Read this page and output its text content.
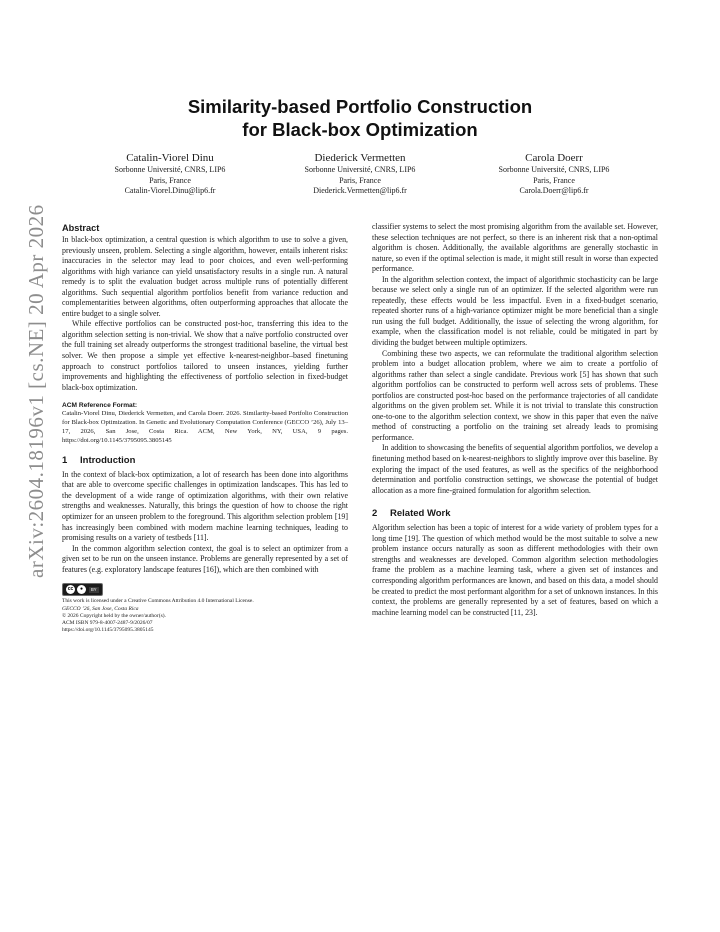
arXiv:2604.18196v1 [cs.NE] 20 Apr 2026
Similarity-based Portfolio Construction
for Black-box Optimization
Catalin-Viorel Dinu
Sorbonne Université, CNRS, LIP6
Paris, France
Catalin-Viorel.Dinu@lip6.fr
Diederick Vermetten
Sorbonne Université, CNRS, LIP6
Paris, France
Diederick.Vermetten@lip6.fr
Carola Doerr
Sorbonne Université, CNRS, LIP6
Paris, France
Carola.Doerr@lip6.fr
Abstract

In black-box optimization, a central question is which algorithm to use to solve a given, previously unseen, problem. Selecting a single algorithm, however, entails inherent risks: inaccuracies in the selector may lead to poor choices, and even well-performing algorithms with high variance can yield unsatisfactory results in a single run. A natural remedy is to split the evaluation budget across multiple runs of potentially different algorithms. Such sequential algorithm portfolios benefit from variance reduction and complementarities between algorithms, often outperforming approaches that allocate the entire budget to a single solver.

While effective portfolios can be constructed post-hoc, transferring this idea to the algorithm selection setting is non-trivial. We show that a naïve portfolio constructed over the full training set already outperforms the strongest traditional baseline, the virtual best solver. We then propose a simple yet effective k-nearest-neighbor–based finetuning approach to construct portfolios tailored to unseen instances, yielding further improvements and highlighting the effectiveness of portfolio selection in fixed-budget black-box optimization.

ACM Reference Format:
Catalin-Viorel Dinu, Diederick Vermetten, and Carola Doerr. 2026. Similarity-based Portfolio Construction for Black-box Optimization. In Genetic and Evolutionary Computation Conference (GECCO ’26), July 13–17, 2026, San Jose, Costa Rica. ACM, New York, NY, USA, 9 pages. https://doi.org/10.1145/3795095.3805145
1 Introduction

In the context of black-box optimization, a lot of research has been done into algorithms that are able to overcome specific challenges in optimization landscapes. This has led to the development of a wide range of optimization algorithms, with their own relative strengths and weaknesses. Naturally, this brings the question of how to choose the right optimizer for an unseen problem to the foreground. This algorithm selection problem [19] has increasingly been combined with modern machine learning techniques, leading to promising results on a variety of testbeds [11].

In the common algorithm selection context, the goal is to select an optimizer from a given set to be run on the unseen instance. Problems are generally represented by a set of features (e.g. exploratory landscape features [16]), which are then combined with

cc	●	BY
This work is licensed under a Creative Commons Attribution 4.0 International License.
GECCO ’26, San Jose, Costa Rica
© 2026 Copyright held by the owner/author(s).
ACM ISBN 979-8-4007-2487-9/2026/07
https://doi.org/10.1145/3795095.3805145

classifier systems to select the most promising algorithm from the available set. However, these selection techniques are not perfect, so there is an inherent risk that a non-optimal algorithm is chosen. Additionally, the available algorithms are generally stochastic in nature, so even if the optimal selection is made, it might still result in worse than expected performance.

In the algorithm selection context, the impact of algorithmic stochasticity can be large because we select only a single run of an optimizer. If the selected algorithm were run repeatedly, these effects would be less impactful. Even in a fixed-budget scenario, repeated shorter runs of a high-variance optimizer might be more beneficial than a single run using the full budget. Additionally, the issue of selecting the wrong algorithm, for example, when the classification model is not reliable, could be mitigated in part by dividing the budget between multiple optimizers.

Combining these two aspects, we can reformulate the traditional algorithm selection problem into a budget allocation problem, where we aim to create a portfolio of algorithms rather than select a single candidate. Previous work [5] has shown that such algorithm portfolios can be constructed to perform well across sets of problems. These portfolios are constructed post-hoc based on the performance trajectories of all candidate algorithms on the given problem set. While it is not trivial to translate this construction one-to-one to the algorithm selection context, we show in this paper that even the naïve method of constructing a portfolio on the training set already leads to promising performance.

In addition to showcasing the benefits of sequential algorithm portfolios, we develop a finetuning method based on k-nearest-neighbors to slightly improve over this baseline. By exploring the impact of the used features, as well as the specifics of the neighborhood determination and portfolio construction settings, we showcase the potential of budget allocation as a more fine-grained formulation for algorithm selection.

2 Related Work

Algorithm selection has been a topic of interest for a wide variety of problem types for a long time [19]. The question of which method would be the most suitable to solve a new problem instance occurs naturally as soon as different methodologies with their own strengths and weaknesses are developed. Common algorithm selection methodologies frame the problem as a machine learning task, where a given set of instances and corresponding algorithm performances are known, and based on this data, a model should be created to predict the most performant algorithm for a set of unknown instances. In this context, the problems are generally represented by a set of features, based on which a machine learning model can be constructed [11, 23].
